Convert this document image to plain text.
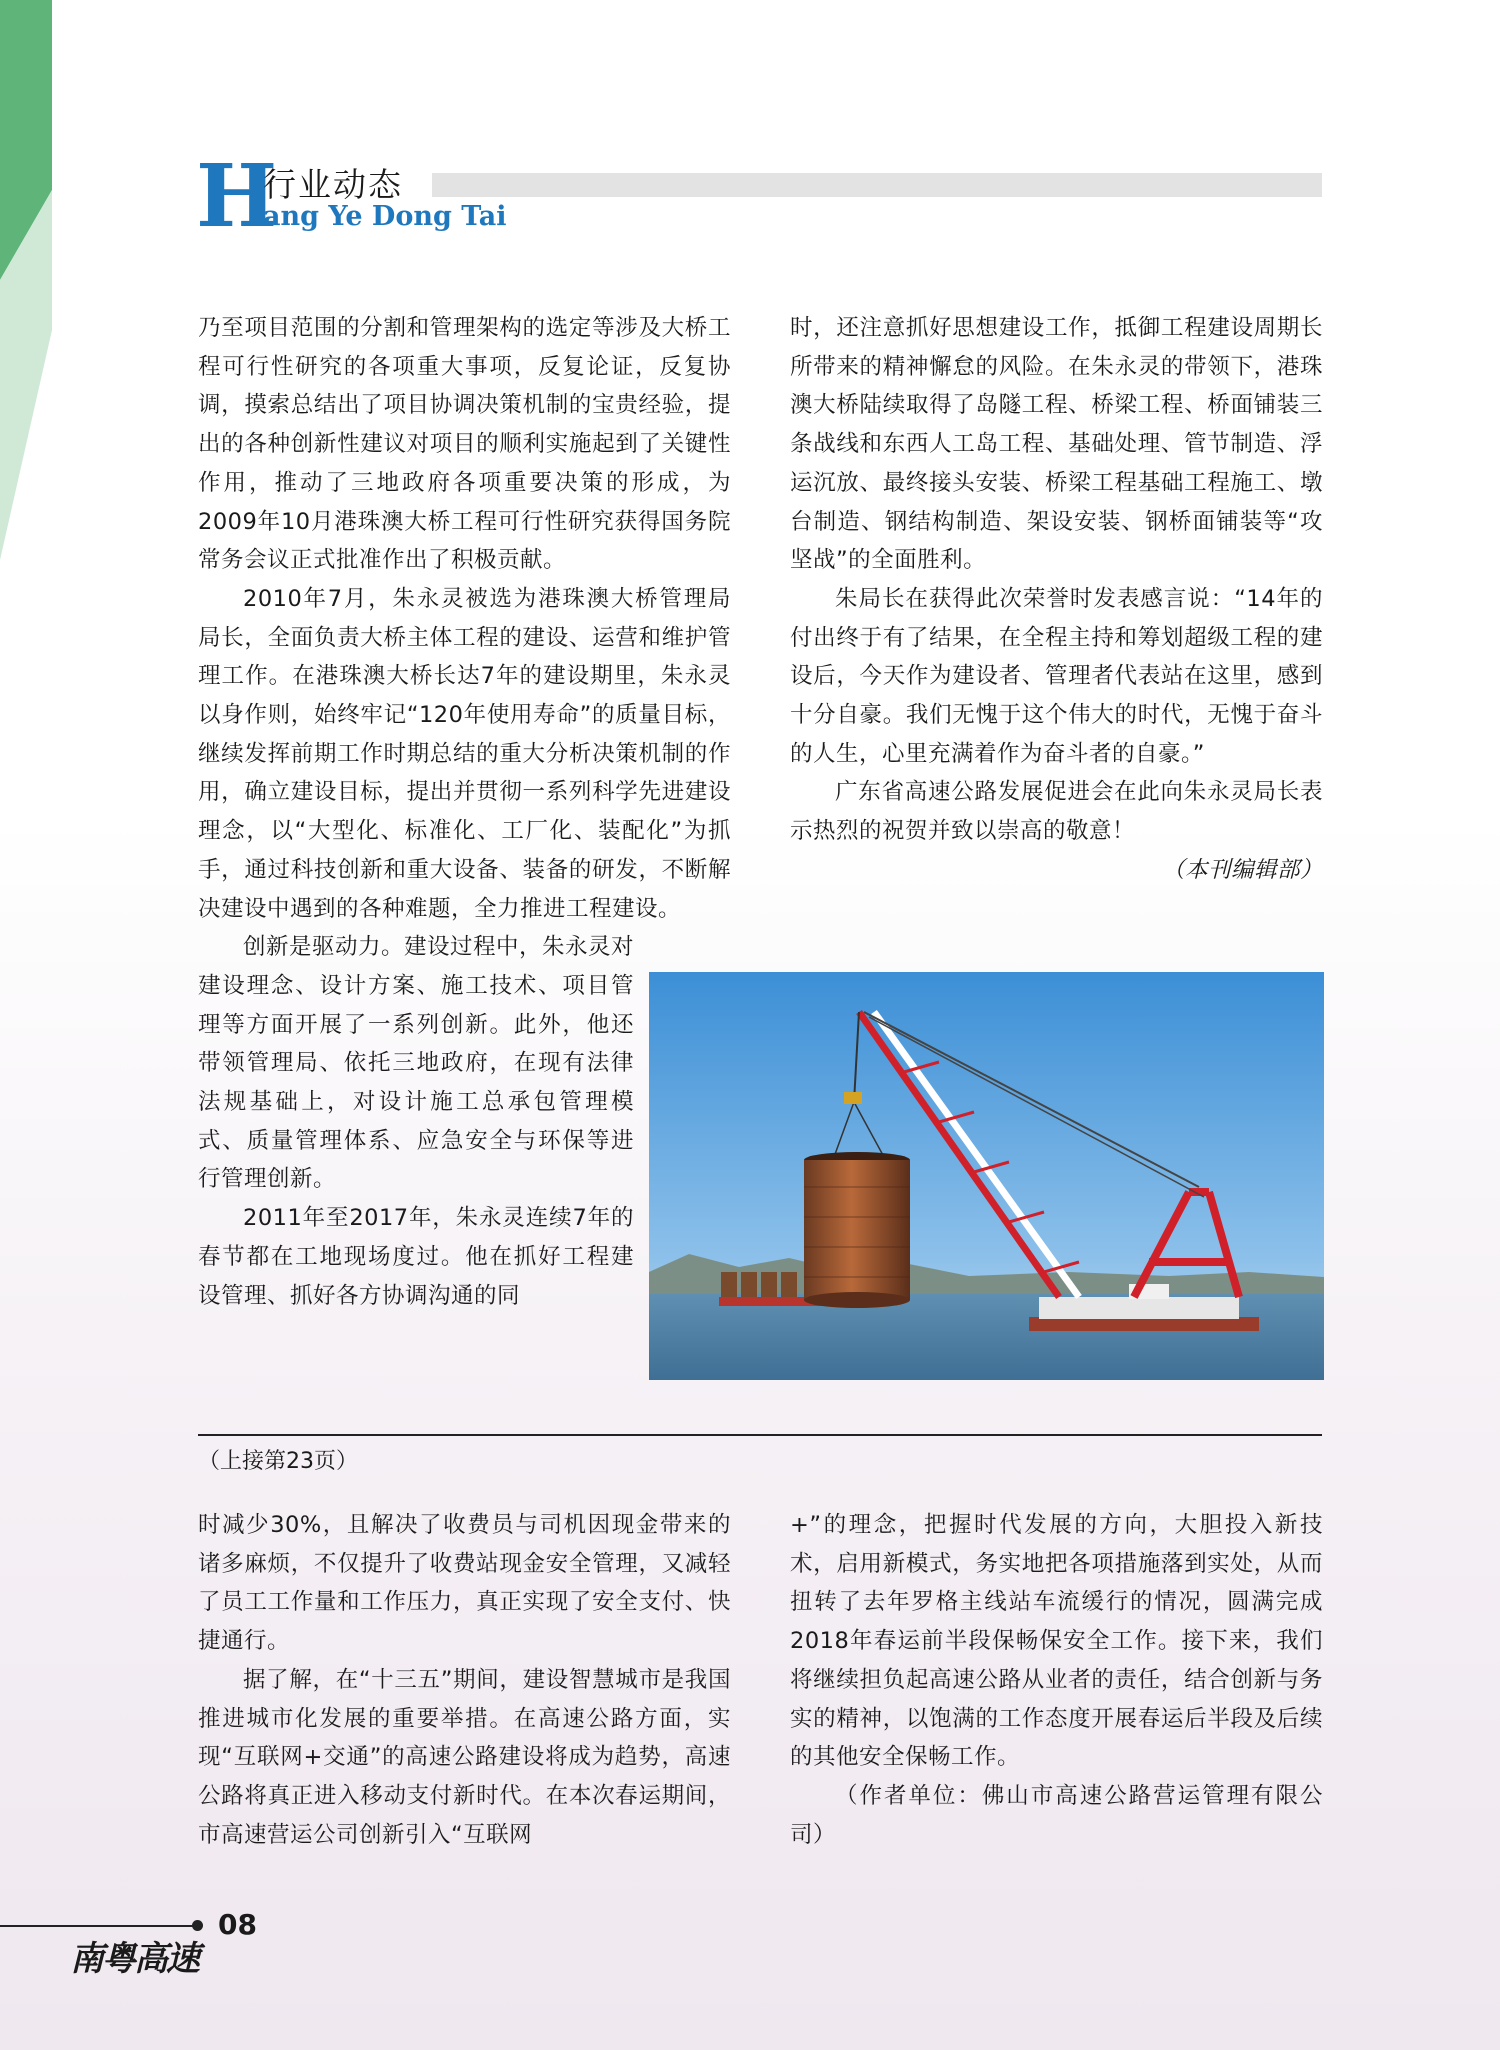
H
行业动态
ang Ye Dong Tai

乃至项目范围的分割和管理架构的选定等涉及大桥工程可行性研究的各项重大事项，反复论证，反复协调，摸索总结出了项目协调决策机制的宝贵经验，提出的各种创新性建议对项目的顺利实施起到了关键性作用，推动了三地政府各项重要决策的形成，为2009年10月港珠澳大桥工程可行性研究获得国务院常务会议正式批准作出了积极贡献。

2010年7月，朱永灵被选为港珠澳大桥管理局局长，全面负责大桥主体工程的建设、运营和维护管理工作。在港珠澳大桥长达7年的建设期里，朱永灵以身作则，始终牢记“120年使用寿命”的质量目标，继续发挥前期工作时期总结的重大分析决策机制的作用，确立建设目标，提出并贯彻一系列科学先进建设理念，以“大型化、标准化、工厂化、装配化”为抓手，通过科技创新和重大设备、装备的研发，不断解决建设中遇到的各种难题，全力推进工程建设。

创新是驱动力。建设过程中，朱永灵对建设理念、设计方案、施工技术、项目管理等方面开展了一系列创新。此外，他还带领管理局、依托三地政府，在现有法律法规基础上，对设计施工总承包管理模式、质量管理体系、应急安全与环保等进行管理创新。

2011年至2017年，朱永灵连续7年的春节都在工地现场度过。他在抓好工程建设管理、抓好各方协调沟通的同

时，还注意抓好思想建设工作，抵御工程建设周期长所带来的精神懈怠的风险。在朱永灵的带领下，港珠澳大桥陆续取得了岛隧工程、桥梁工程、桥面铺装三条战线和东西人工岛工程、基础处理、管节制造、浮运沉放、最终接头安装、桥梁工程基础工程施工、墩台制造、钢结构制造、架设安装、钢桥面铺装等“攻坚战”的全面胜利。

朱局长在获得此次荣誉时发表感言说：“14年的付出终于有了结果，在全程主持和筹划超级工程的建设后，今天作为建设者、管理者代表站在这里，感到十分自豪。我们无愧于这个伟大的时代，无愧于奋斗的人生，心里充满着作为奋斗者的自豪。”

广东省高速公路发展促进会在此向朱永灵局长表示热烈的祝贺并致以崇高的敬意！

（本刊编辑部）

（上接第23页）

时减少30%，且解决了收费员与司机因现金带来的诸多麻烦，不仅提升了收费站现金安全管理，又减轻了员工工作量和工作压力，真正实现了安全支付、快捷通行。

据了解，在“十三五”期间，建设智慧城市是我国推进城市化发展的重要举措。在高速公路方面，实现“互联网+交通”的高速公路建设将成为趋势，高速公路将真正进入移动支付新时代。在本次春运期间，市高速营运公司创新引入“互联网

+”的理念，把握时代发展的方向，大胆投入新技术，启用新模式，务实地把各项措施落到实处，从而扭转了去年罗格主线站车流缓行的情况，圆满完成2018年春运前半段保畅保安全工作。接下来，我们将继续担负起高速公路从业者的责任，结合创新与务实的精神，以饱满的工作态度开展春运后半段及后续的其他安全保畅工作。

（作者单位：佛山市高速公路营运管理有限公司）

08
南粤高速
